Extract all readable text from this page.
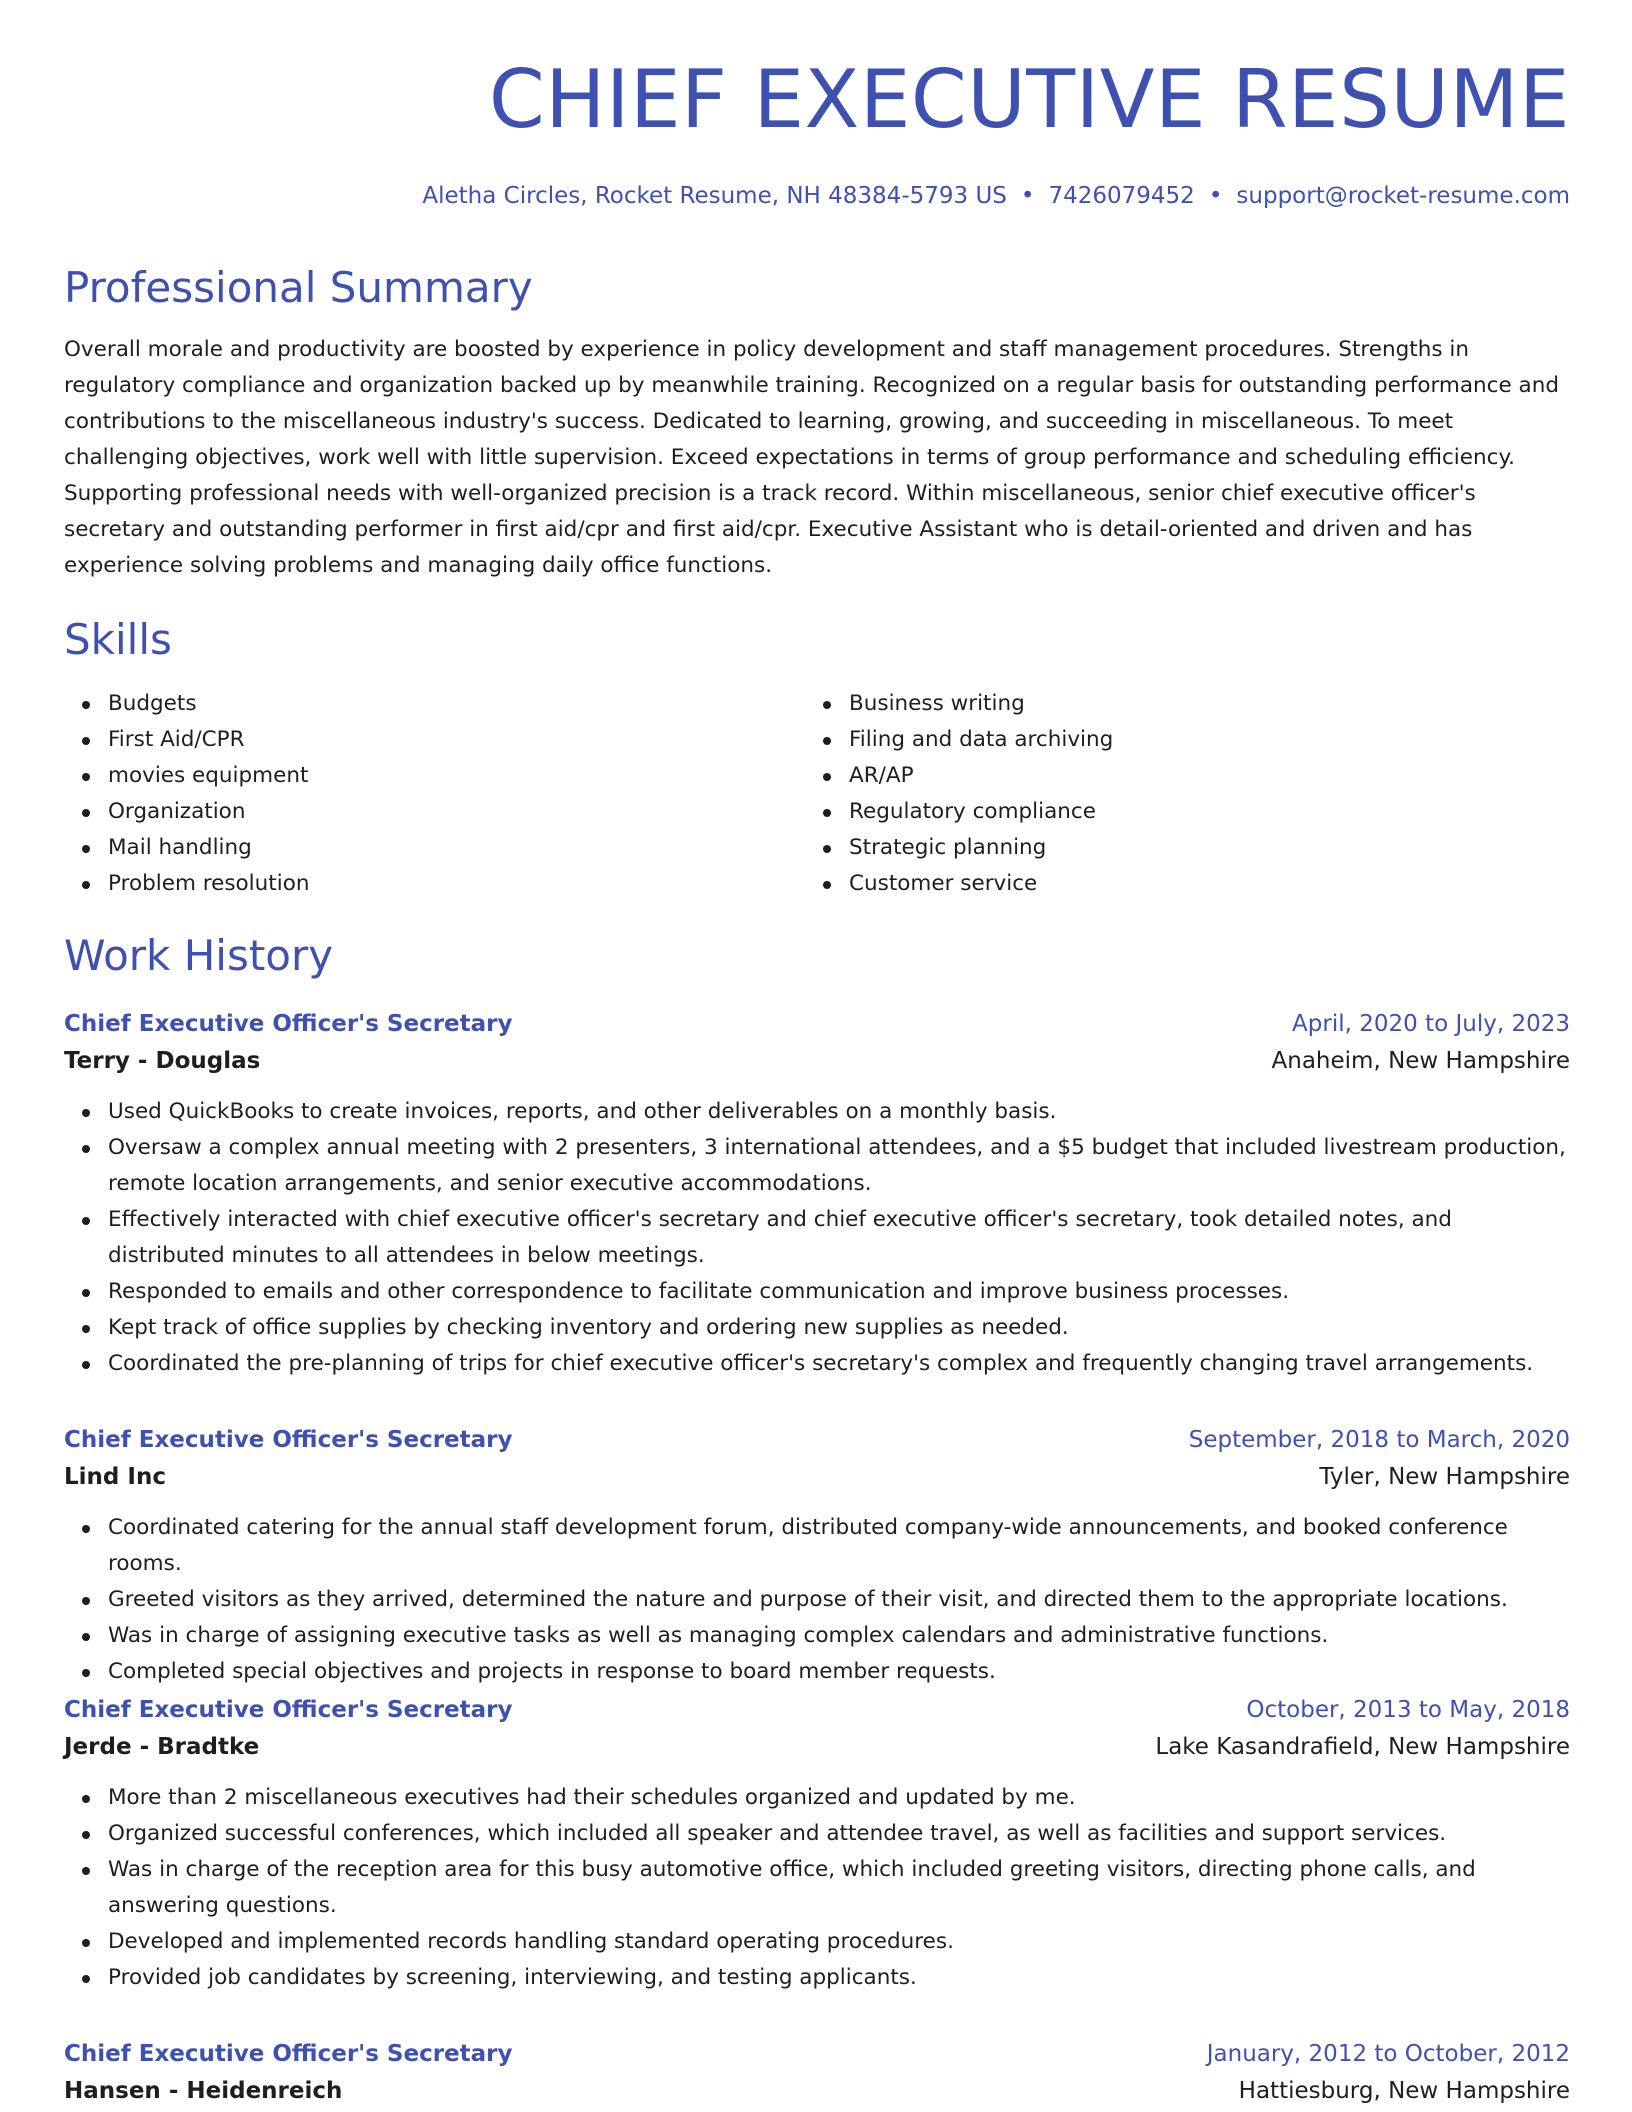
CHIEF EXECUTIVE RESUME
Aletha Circles, Rocket Resume, NH 48384-5793 US • 7426079452 • support@rocket-resume.com
Professional Summary

Overall morale and productivity are boosted by experience in policy development and staff management procedures. Strengths in regulatory compliance and organization backed up by meanwhile training. Recognized on a regular basis for outstanding performance and contributions to the miscellaneous industry's success. Dedicated to learning, growing, and succeeding in miscellaneous. To meet challenging objectives, work well with little supervision. Exceed expectations in terms of group performance and scheduling efficiency. Supporting professional needs with well-organized precision is a track record. Within miscellaneous, senior chief executive officer's secretary and outstanding performer in first aid/cpr and first aid/cpr. Executive Assistant who is detail-oriented and driven and has experience solving problems and managing daily office functions.

Skills
Budgets
First Aid/CPR
movies equipment
Organization
Mail handling
Problem resolution
Business writing
Filing and data archiving
AR/AP
Regulatory compliance
Strategic planning
Customer service
Work History
Chief Executive Officer's Secretary	April, 2020 to July, 2023
Terry - Douglas	Anaheim, New Hampshire
Used QuickBooks to create invoices, reports, and other deliverables on a monthly basis.
Oversaw a complex annual meeting with 2 presenters, 3 international attendees, and a $5 budget that included livestream production, remote location arrangements, and senior executive accommodations.
Effectively interacted with chief executive officer's secretary and chief executive officer's secretary, took detailed notes, and distributed minutes to all attendees in below meetings.
Responded to emails and other correspondence to facilitate communication and improve business processes.
Kept track of office supplies by checking inventory and ordering new supplies as needed.
Coordinated the pre-planning of trips for chief executive officer's secretary's complex and frequently changing travel arrangements.
Chief Executive Officer's Secretary	September, 2018 to March, 2020
Lind Inc	Tyler, New Hampshire
Coordinated catering for the annual staff development forum, distributed company-wide announcements, and booked conference rooms.
Greeted visitors as they arrived, determined the nature and purpose of their visit, and directed them to the appropriate locations.
Was in charge of assigning executive tasks as well as managing complex calendars and administrative functions.
Completed special objectives and projects in response to board member requests.
Chief Executive Officer's Secretary	October, 2013 to May, 2018
Jerde - Bradtke	Lake Kasandrafield, New Hampshire
More than 2 miscellaneous executives had their schedules organized and updated by me.
Organized successful conferences, which included all speaker and attendee travel, as well as facilities and support services.
Was in charge of the reception area for this busy automotive office, which included greeting visitors, directing phone calls, and answering questions.
Developed and implemented records handling standard operating procedures.
Provided job candidates by screening, interviewing, and testing applicants.
Chief Executive Officer's Secretary	January, 2012 to October, 2012
Hansen - Heidenreich	Hattiesburg, New Hampshire
